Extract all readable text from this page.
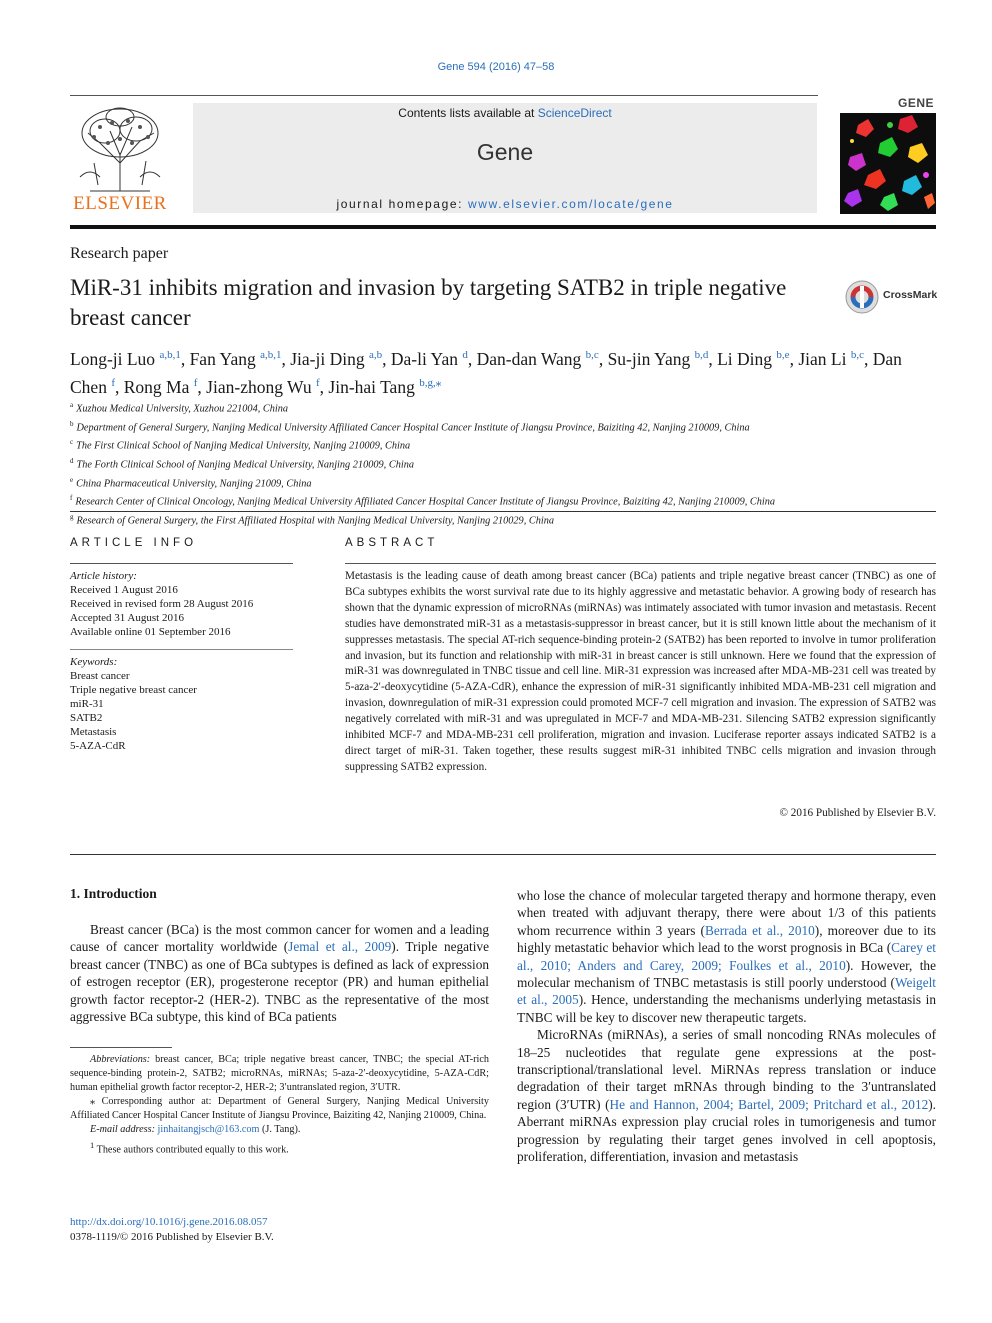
Gene 594 (2016) 47–58
ELSEVIER
Contents lists available at ScienceDirect
Gene
journal homepage: www.elsevier.com/locate/gene
GENE
Research paper
MiR-31 inhibits migration and invasion by targeting SATB2 in triple negative breast cancer
CrossMark
Long-ji Luo $^{a,b,1}$, Fan Yang $^{a,b,1}$, Jia-ji Ding $^{a,b}$, Da-li Yan $^d$, Dan-dan Wang $^{b,c}$, Su-jin Yang $^{b,d}$, Li Ding $^{b,e}$, Jian Li $^{b,c}$, Dan Chen $^f$, Rong Ma $^f$, Jian-zhong Wu $^f$, Jin-hai Tang $^{b,g,⁎}$
$^a$ Xuzhou Medical University, Xuzhou 221004, China
$^b$ Department of General Surgery, Nanjing Medical University Affiliated Cancer Hospital Cancer Institute of Jiangsu Province, Baiziting 42, Nanjing 210009, China
$^c$ The First Clinical School of Nanjing Medical University, Nanjing 210009, China
$^d$ The Forth Clinical School of Nanjing Medical University, Nanjing 210009, China
$^e$ China Pharmaceutical University, Nanjing 21009, China
$^f$ Research Center of Clinical Oncology, Nanjing Medical University Affiliated Cancer Hospital Cancer Institute of Jiangsu Province, Baiziting 42, Nanjing 210009, China
$^g$ Research of General Surgery, the First Affiliated Hospital with Nanjing Medical University, Nanjing 210029, China
ARTICLE INFO
Article history:
Received 1 August 2016
Received in revised form 28 August 2016
Accepted 31 August 2016
Available online 01 September 2016
Keywords:
Breast cancer
Triple negative breast cancer
miR-31
SATB2
Metastasis
5-AZA-CdR
ABSTRACT
Metastasis is the leading cause of death among breast cancer (BCa) patients and triple negative breast cancer (TNBC) as one of BCa subtypes exhibits the worst survival rate due to its highly aggressive and metastatic behavior. A growing body of research has shown that the dynamic expression of microRNAs (miRNAs) was intimately associated with tumor invasion and metastasis. Recent studies have demonstrated miR-31 as a metastasis-suppressor in breast cancer, but it is still known little about the mechanism of it suppresses metastasis. The special AT-rich sequence-binding protein-2 (SATB2) has been reported to involve in tumor proliferation and invasion, but its function and relationship with miR-31 in breast cancer is still unknown. Here we found that the expression of miR-31 was downregulated in TNBC tissue and cell line. MiR-31 expression was increased after MDA-MB-231 cell was treated by 5-aza-2′-deoxycytidine (5-AZA-CdR), enhance the expression of miR-31 significantly inhibited MDA-MB-231 cell migration and invasion, downregulation of miR-31 expression could promoted MCF-7 cell migration and invasion. The expression of SATB2 was negatively correlated with miR-31 and was upregulated in MCF-7 and MDA-MB-231. Silencing SATB2 expression significantly inhibited MCF-7 and MDA-MB-231 cell proliferation, migration and invasion. Luciferase reporter assays indicated SATB2 is a direct target of miR-31. Taken together, these results suggest miR-31 inhibited TNBC cells migration and invasion through suppressing SATB2 expression.
© 2016 Published by Elsevier B.V.
1. Introduction

Breast cancer (BCa) is the most common cancer for women and a leading cause of cancer mortality worldwide (Jemal et al., 2009). Triple negative breast cancer (TNBC) as one of BCa subtypes is defined as lack of expression of estrogen receptor (ER), progesterone receptor (PR) and human epithelial growth factor receptor-2 (HER-2). TNBC as the representative of the most aggressive BCa subtype, this kind of BCa patients

who lose the chance of molecular targeted therapy and hormone therapy, even when treated with adjuvant therapy, there were about 1/3 of this patients whom recurrence within 3 years (Berrada et al., 2010), moreover due to its highly metastatic behavior which lead to the worst prognosis in BCa (Carey et al., 2010; Anders and Carey, 2009; Foulkes et al., 2010). However, the molecular mechanism of TNBC metastasis is still poorly understood (Weigelt et al., 2005). Hence, understanding the mechanisms underlying metastasis in TNBC will be key to discover new therapeutic targets.

MicroRNAs (miRNAs), a series of small noncoding RNAs molecules of 18–25 nucleotides that regulate gene expressions at the post-transcriptional/translational level. MiRNAs repress translation or induce degradation of their target mRNAs through binding to the 3′untranslated region (3′UTR) (He and Hannon, 2004; Bartel, 2009; Pritchard et al., 2012). Aberrant miRNAs expression play crucial roles in tumorigenesis and tumor progression by regulating their target genes involved in cell apoptosis, proliferation, differentiation, invasion and metastasis

Abbreviations: breast cancer, BCa; triple negative breast cancer, TNBC; the special AT-rich sequence-binding protein-2, SATB2; microRNAs, miRNAs; 5-aza-2′-deoxycytidine, 5-AZA-CdR; human epithelial growth factor receptor-2, HER-2; 3′untranslated region, 3′UTR.

⁎ Corresponding author at: Department of General Surgery, Nanjing Medical University Affiliated Cancer Hospital Cancer Institute of Jiangsu Province, Baiziting 42, Nanjing 210009, China.

E-mail address: jinhaitangjsch@163.com (J. Tang).

$^1$ These authors contributed equally to this work.

http://dx.doi.org/10.1016/j.gene.2016.08.057
0378-1119/© 2016 Published by Elsevier B.V.
